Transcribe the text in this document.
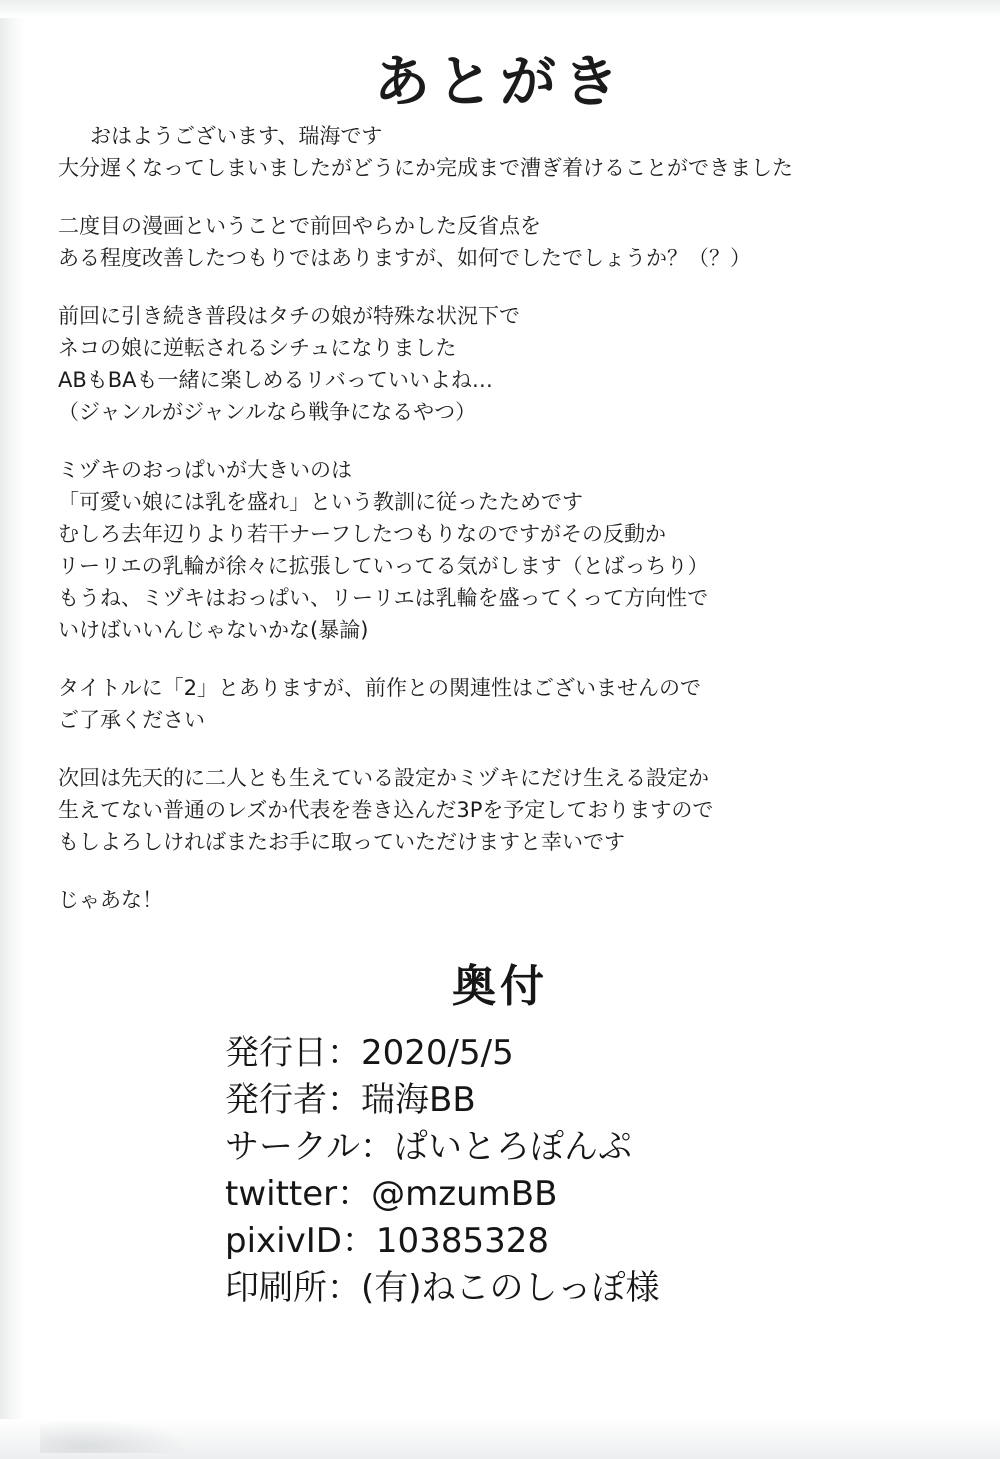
あとがき
おはようございます、瑞海です
大分遅くなってしまいましたがどうにか完成まで漕ぎ着けることができました
二度目の漫画ということで前回やらかした反省点を
ある程度改善したつもりではありますが、如何でしたでしょうか？（？）
前回に引き続き普段はタチの娘が特殊な状況下で
ネコの娘に逆転されるシチュになりました
ABもBAも一緒に楽しめるリバっていいよね…
（ジャンルがジャンルなら戦争になるやつ）
ミヅキのおっぱいが大きいのは
「可愛い娘には乳を盛れ」という教訓に従ったためです
むしろ去年辺りより若干ナーフしたつもりなのですがその反動か
リーリエの乳輪が徐々に拡張していってる気がします（とばっちり）
もうね、ミヅキはおっぱい、リーリエは乳輪を盛ってくって方向性で
いけばいいんじゃないかな(暴論)
タイトルに「2」とありますが、前作との関連性はございませんので
ご了承ください
次回は先天的に二人とも生えている設定かミヅキにだけ生える設定か
生えてない普通のレズか代表を巻き込んだ3Pを予定しておりますので
もしよろしければまたお手に取っていただけますと幸いです
じゃあな！
奥付
発行日：2020/5/5
発行者：瑞海BB
サークル：ぱいとろぽんぷ
twitter：@mzumBB
pixivID：10385328
印刷所：(有)ねこのしっぽ様
